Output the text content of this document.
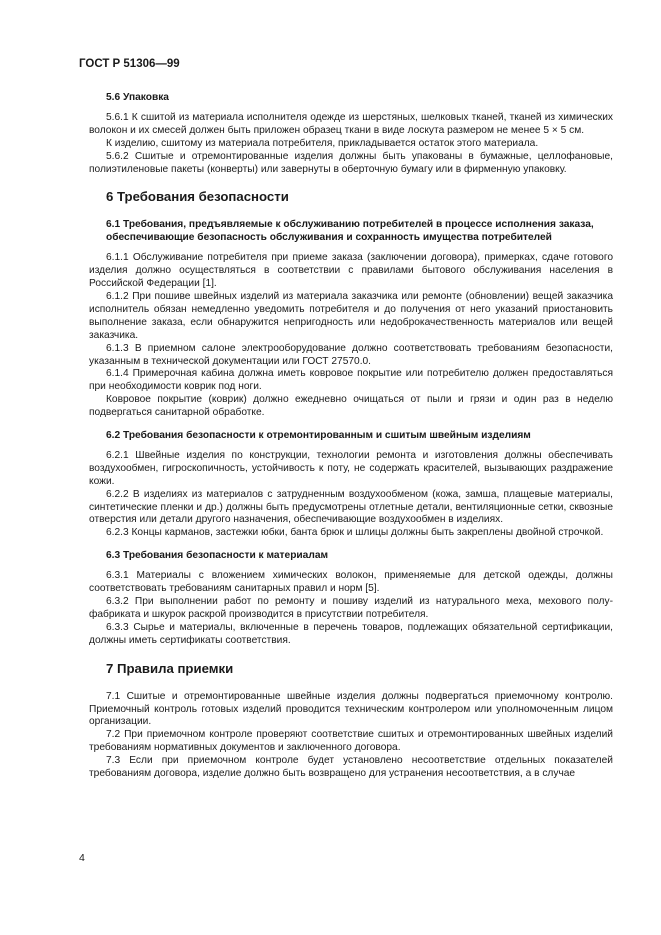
ГОСТ Р 51306—99
5.6 Упаковка

5.6.1 К сшитой из материала исполнителя одежде из шерстяных, шелковых тканей, тканей из химических волокон и их смесей должен быть приложен образец ткани в виде лоскута размером не менее 5 × 5 см.

К изделию, сшитому из материала потребителя, прикладывается остаток этого материала.

5.6.2 Сшитые и отремонтированные изделия должны быть упакованы в бумажные, целлофановые, полиэтиленовые пакеты (конверты) или завернуты в оберточную бумагу или в фирменную упаковку.

6 Требования безопасности
6.1 Требования, предъявляемые к обслуживанию потребителей в процессе исполнения заказа, обеспечивающие безопасность обслуживания и сохранность имущества потребителей

6.1.1 Обслуживание потребителя при приеме заказа (заключении договора), примерках, сдаче готового изделия должно осуществляться в соответствии с правилами бытового обслуживания населения в Российской Федерации [1].

6.1.2 При пошиве швейных изделий из материала заказчика или ремонте (обновлении) вещей заказчика исполнитель обязан немедленно уведомить потребителя и до получения от него указаний приостановить выполнение заказа, если обнаружится непригодность или недоброкачественность материалов или вещей заказчика.

6.1.3 В приемном салоне электрооборудование должно соответствовать требованиям безопасности, указанным в технической документации или ГОСТ 27570.0.

6.1.4 Примерочная кабина должна иметь ковровое покрытие или потребителю должен предоставляться при необходимости коврик под ноги.

Ковровое покрытие (коврик) должно ежедневно очищаться от пыли и грязи и один раз в неделю подвергаться санитарной обработке.

6.2 Требования безопасности к отремонтированным и сшитым швейным изделиям

6.2.1 Швейные изделия по конструкции, технологии ремонта и изготовления должны обеспечивать воздухообмен, гигроскопичность, устойчивость к поту, не содержать красителей, вызывающих раздражение кожи.

6.2.2 В изделиях из материалов с затрудненным воздухообменом (кожа, замша, плащевые материалы, синтетические пленки и др.) должны быть предусмотрены отлетные детали, вентиляционные сетки, сквозные отверстия или детали другого назначения, обеспечивающие воздухообмен в изделиях.

6.2.3 Концы карманов, застежки юбки, банта брюк и шлицы должны быть закреплены двойной строчкой.

6.3 Требования безопасности к материалам

6.3.1 Материалы с вложением химических волокон, применяемые для детской одежды, должны соответствовать требованиям санитарных правил и норм [5].

6.3.2 При выполнении работ по ремонту и пошиву изделий из натурального меха, мехового полуфабриката и шкурок раскрой производится в присутствии потребителя.

6.3.3 Сырье и материалы, включенные в перечень товаров, подлежащих обязательной сертификации, должны иметь сертификаты соответствия.

7 Правила приемки

7.1 Сшитые и отремонтированные швейные изделия должны подвергаться приемочному контролю. Приемочный контроль готовых изделий проводится техническим контролером или уполномоченным лицом организации.

7.2 При приемочном контроле проверяют соответствие сшитых и отремонтированных швейных изделий требованиям нормативных документов и заключенного договора.

7.3 Если при приемочном контроле будет установлено несоответствие отдельных показателей требованиям договора, изделие должно быть возвращено для устранения несоответствия, а в случае

4
